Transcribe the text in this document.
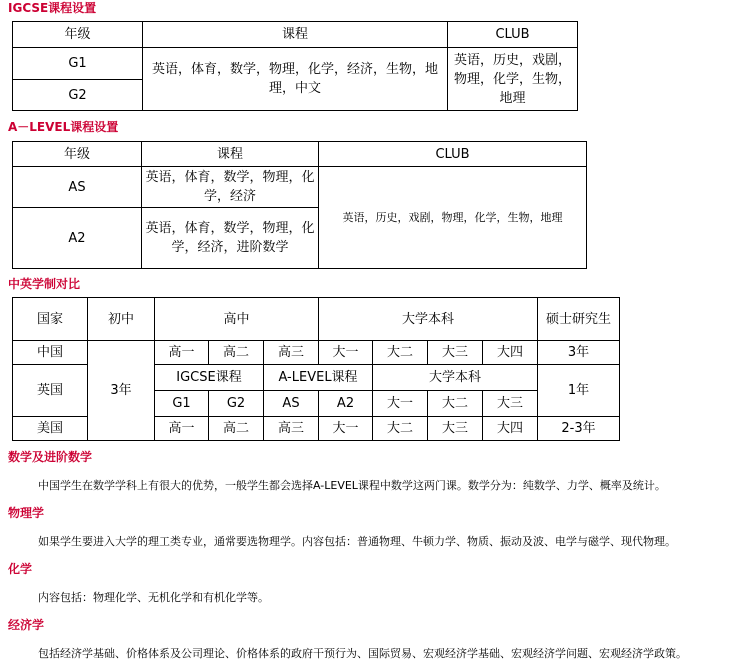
IGCSE课程设置
年级	课程	CLUB
G1	英语，体育，数学，物理，化学，经济，生物，地理，中文	英语，历史，戏剧，物理，化学，生物，地理
G2		
A－LEVEL课程设置
年级	课程	CLUB
AS	英语，体育，数学，物理，化学，经济	英语，历史，戏剧，物理，化学，生物，地理
A2	英语，体育，数学，物理，化学，经济，进阶数学	
中英学制对比
国家	初中	高中			大学本科				硕士研究生
中国	3年	高一	高二	高三	大一	大二	大三	大四	3年
英国		IGCSE课程		A-LEVEL课程		大学本科			1年
		G1	G2	AS	A2	大一	大二	大三	
美国		高一	高二	高三	大一	大二	大三	大四	2-3年
数学及进阶数学
中国学生在数学学科上有很大的优势，一般学生都会选择A-LEVEL课程中数学这两门课。数学分为：纯数学、力学、概率及统计。
物理学
如果学生要进入大学的理工类专业，通常要选物理学。内容包括：普通物理、牛顿力学、物质、振动及波、电学与磁学、现代物理。
化学
内容包括：物理化学、无机化学和有机化学等。
经济学
包括经济学基础、价格体系及公司理论、价格体系的政府干预行为、国际贸易、宏观经济学基础、宏观经济学问题、宏观经济学政策。
